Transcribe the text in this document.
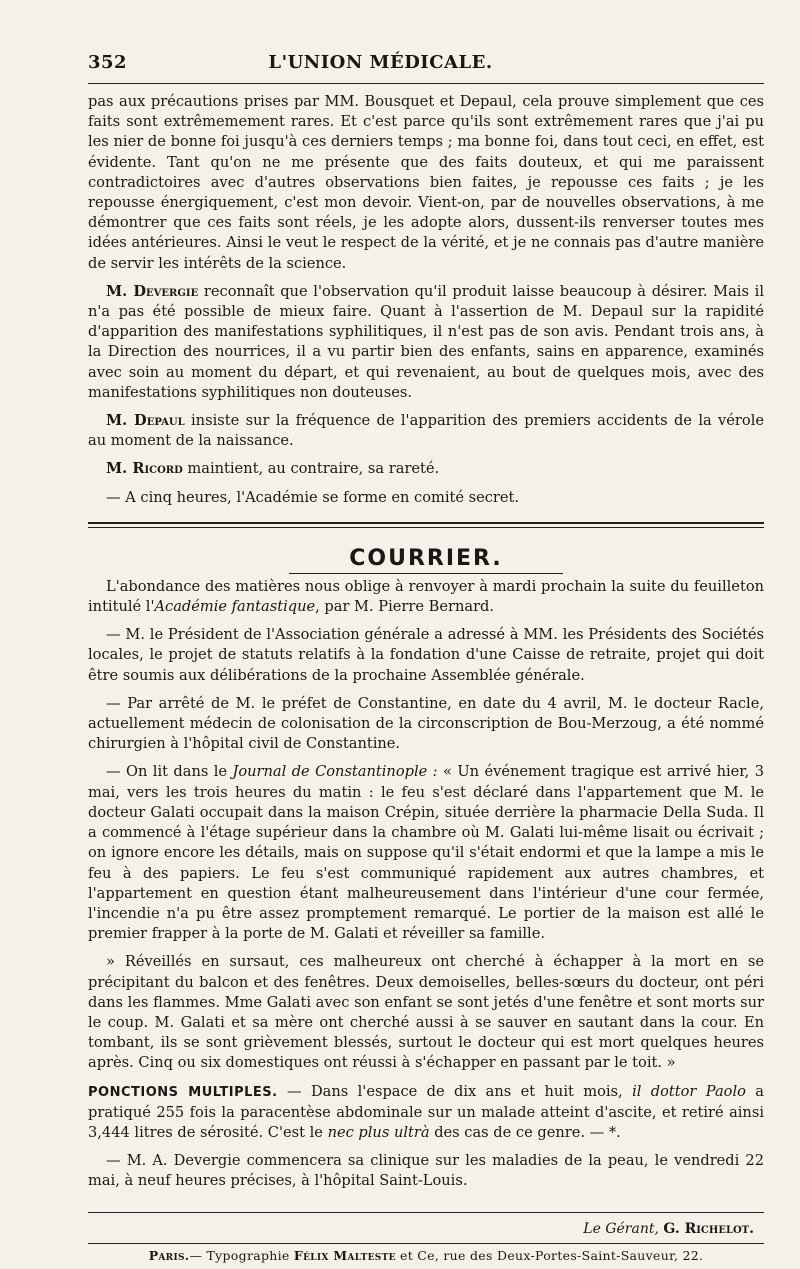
352	L'UNION MÉDICALE.

pas aux précautions prises par MM. Bousquet et Depaul, cela prouve simplement que ces faits sont extrêmemement rares. Et c'est parce qu'ils sont extrêmement rares que j'ai pu les nier de bonne foi jusqu'à ces derniers temps ; ma bonne foi, dans tout ceci, en effet, est évidente. Tant qu'on ne me présente que des faits douteux, et qui me paraissent contradictoires avec d'autres observations bien faites, je repousse ces faits ; je les repousse énergiquement, c'est mon devoir. Vient-on, par de nouvelles observations, à me démontrer que ces faits sont réels, je les adopte alors, dussent-ils renverser toutes mes idées antérieures. Ainsi le veut le respect de la vérité, et je ne connais pas d'autre manière de servir les intérêts de la science.

M. Devergie reconnaît que l'observation qu'il produit laisse beaucoup à désirer. Mais il n'a pas été possible de mieux faire. Quant à l'assertion de M. Depaul sur la rapidité d'apparition des manifestations syphilitiques, il n'est pas de son avis. Pendant trois ans, à la Direction des nourrices, il a vu partir bien des enfants, sains en apparence, examinés avec soin au moment du départ, et qui revenaient, au bout de quelques mois, avec des manifestations syphilitiques non douteuses.

M. Depaul insiste sur la fréquence de l'apparition des premiers accidents de la vérole au moment de la naissance.

M. Ricord maintient, au contraire, sa rareté.

— A cinq heures, l'Académie se forme en comité secret.

COURRIER.

L'abondance des matières nous oblige à renvoyer à mardi prochain la suite du feuilleton intitulé l'Académie fantastique, par M. Pierre Bernard.

— M. le Président de l'Association générale a adressé à MM. les Présidents des Sociétés locales, le projet de statuts relatifs à la fondation d'une Caisse de retraite, projet qui doit être soumis aux délibérations de la prochaine Assemblée générale.

— Par arrêté de M. le préfet de Constantine, en date du 4 avril, M. le docteur Racle, actuellement médecin de colonisation de la circonscription de Bou-Merzoug, a été nommé chirurgien à l'hôpital civil de Constantine.

— On lit dans le Journal de Constantinople : « Un événement tragique est arrivé hier, 3 mai, vers les trois heures du matin : le feu s'est déclaré dans l'appartement que M. le docteur Galati occupait dans la maison Crépin, située derrière la pharmacie Della Suda. Il a commencé à l'étage supérieur dans la chambre où M. Galati lui-même lisait ou écrivait ; on ignore encore les détails, mais on suppose qu'il s'était endormi et que la lampe a mis le feu à des papiers. Le feu s'est communiqué rapidement aux autres chambres, et l'appartement en question étant malheureusement dans l'intérieur d'une cour fermée, l'incendie n'a pu être assez promptement remarqué. Le portier de la maison est allé le premier frapper à la porte de M. Galati et réveiller sa famille.

» Réveillés en sursaut, ces malheureux ont cherché à échapper à la mort en se précipitant du balcon et des fenêtres. Deux demoiselles, belles-sœurs du docteur, ont péri dans les flammes. Mme Galati avec son enfant se sont jetés d'une fenêtre et sont morts sur le coup. M. Galati et sa mère ont cherché aussi à se sauver en sautant dans la cour. En tombant, ils se sont grièvement blessés, surtout le docteur qui est mort quelques heures après. Cinq ou six domestiques ont réussi à s'échapper en passant par le toit. »

PONCTIONS MULTIPLES. — Dans l'espace de dix ans et huit mois, il dottor Paolo a pratiqué 255 fois la paracentèse abdominale sur un malade atteint d'ascite, et retiré ainsi 3,444 litres de sérosité. C'est le nec plus ultrà des cas de ce genre. — *.

— M. A. Devergie commencera sa clinique sur les maladies de la peau, le vendredi 22 mai, à neuf heures précises, à l'hôpital Saint-Louis.

Le Gérant, G. Richelot.
Paris.— Typographie Félix Malteste et Ce, rue des Deux-Portes-Saint-Sauveur, 22.
